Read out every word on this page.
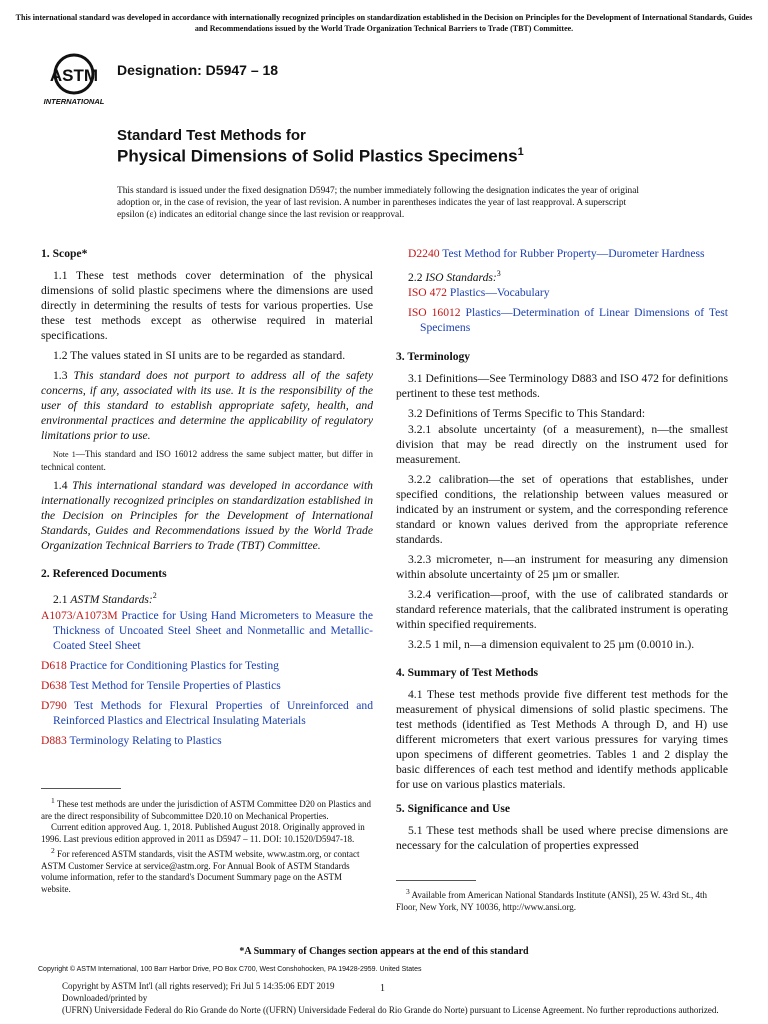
This international standard was developed in accordance with internationally recognized principles on standardization established in the Decision on Principles for the Development of International Standards, Guides and Recommendations issued by the World Trade Organization Technical Barriers to Trade (TBT) Committee.
ASTM
INTERNATIONAL
Designation: D5947 – 18
Standard Test Methods for
Physical Dimensions of Solid Plastics Specimens$^1$
This standard is issued under the fixed designation D5947; the number immediately following the designation indicates the year of original adoption or, in the case of revision, the year of last revision. A number in parentheses indicates the year of last reapproval. A superscript epsilon (ε) indicates an editorial change since the last revision or reapproval.
1. Scope*

1.1 These test methods cover determination of the physical dimensions of solid plastic specimens where the dimensions are used directly in determining the results of tests for various properties. Use these test methods except as otherwise required in material specifications.

1.2 The values stated in SI units are to be regarded as standard.

1.3 This standard does not purport to address all of the safety concerns, if any, associated with its use. It is the responsibility of the user of this standard to establish appropriate safety, health, and environmental practices and determine the applicability of regulatory limitations prior to use.

Note 1—This standard and ISO 16012 address the same subject matter, but differ in technical content.

1.4 This international standard was developed in accordance with internationally recognized principles on standardization established in the Decision on Principles for the Development of International Standards, Guides and Recommendations issued by the World Trade Organization Technical Barriers to Trade (TBT) Committee.

2. Referenced Documents

2.1 ASTM Standards:$^2$

A1073/A1073M Practice for Using Hand Micrometers to Measure the Thickness of Uncoated Steel Sheet and Nonmetallic and Metallic-Coated Steel Sheet

D618 Practice for Conditioning Plastics for Testing

D638 Test Method for Tensile Properties of Plastics

D790 Test Methods for Flexural Properties of Unreinforced and Reinforced Plastics and Electrical Insulating Materials

D883 Terminology Relating to Plastics

$^1$ These test methods are under the jurisdiction of ASTM Committee D20 on Plastics and are the direct responsibility of Subcommittee D20.10 on Mechanical Properties.

Current edition approved Aug. 1, 2018. Published August 2018. Originally approved in 1996. Last previous edition approved in 2011 as D5947 – 11. DOI: 10.1520/D5947-18.

$^2$ For referenced ASTM standards, visit the ASTM website, www.astm.org, or contact ASTM Customer Service at service@astm.org. For Annual Book of ASTM Standards volume information, refer to the standard's Document Summary page on the ASTM website.

D2240 Test Method for Rubber Property—Durometer Hardness

2.2 ISO Standards:$^3$

ISO 472 Plastics—Vocabulary

ISO 16012 Plastics—Determination of Linear Dimensions of Test Specimens

3. Terminology

3.1 Definitions—See Terminology D883 and ISO 472 for definitions pertinent to these test methods.

3.2 Definitions of Terms Specific to This Standard:

3.2.1 absolute uncertainty (of a measurement), n—the smallest division that may be read directly on the instrument used for measurement.

3.2.2 calibration—the set of operations that establishes, under specified conditions, the relationship between values measured or indicated by an instrument or system, and the corresponding reference standard or known values derived from the appropriate reference standards.

3.2.3 micrometer, n—an instrument for measuring any dimension within absolute uncertainty of 25 µm or smaller.

3.2.4 verification—proof, with the use of calibrated standards or standard reference materials, that the calibrated instrument is operating within specified requirements.

3.2.5 1 mil, n—a dimension equivalent to 25 µm (0.0010 in.).

4. Summary of Test Methods

4.1 These test methods provide five different test methods for the measurement of physical dimensions of solid plastic specimens. The test methods (identified as Test Methods A through D, and H) use different micrometers that exert various pressures for varying times upon specimens of different geometries. Tables 1 and 2 display the basic differences of each test method and identify methods applicable for use on various plastics materials.

5. Significance and Use

5.1 These test methods shall be used where precise dimensions are necessary for the calculation of properties expressed

$^3$ Available from American National Standards Institute (ANSI), 25 W. 43rd St., 4th Floor, New York, NY 10036, http://www.ansi.org.

*A Summary of Changes section appears at the end of this standard
Copyright © ASTM International, 100 Barr Harbor Drive, PO Box C700, West Conshohocken, PA 19428-2959. United States
Copyright by ASTM Int'l (all rights reserved); Fri Jul 5 14:35:06 EDT 2019
Downloaded/printed by
(UFRN) Universidade Federal do Rio Grande do Norte ((UFRN) Universidade Federal do Rio Grande do Norte) pursuant to License Agreement. No further reproductions authorized.
1
